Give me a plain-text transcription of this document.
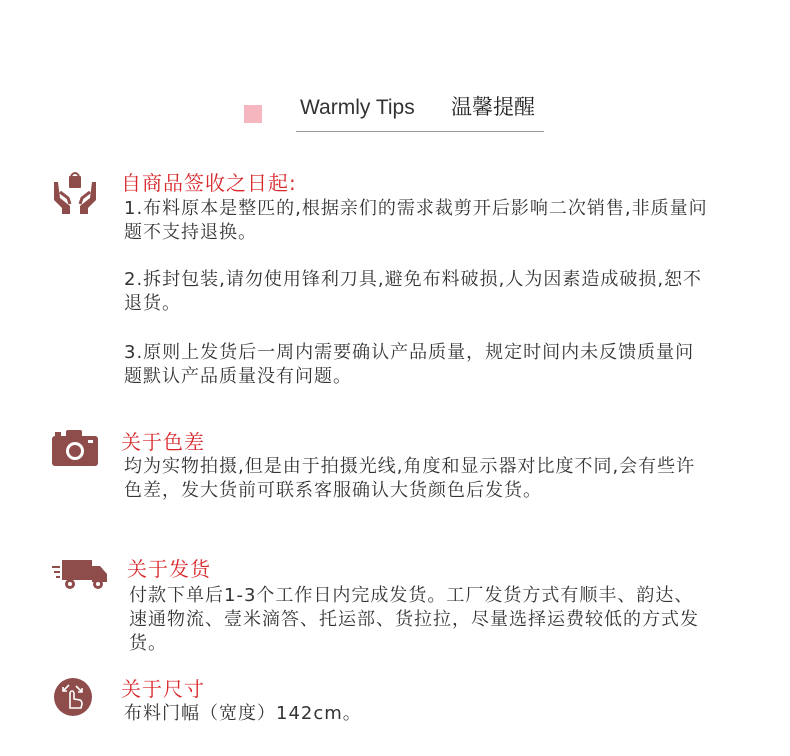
Warmly Tips 温馨提醒
自商品签收之日起:
1.布料原本是整匹的,根据亲们的需求裁剪开后影响二次销售,非质量问题不支持退换。
2.拆封包装,请勿使用锋利刀具,避免布料破损,人为因素造成破损,恕不退货。
3.原则上发货后一周内需要确认产品质量，规定时间内未反馈质量问题默认产品质量没有问题。
关于色差
均为实物拍摄,但是由于拍摄光线,角度和显示器对比度不同,会有些许色差，发大货前可联系客服确认大货颜色后发货。
关于发货
付款下单后1-3个工作日内完成发货。工厂发货方式有顺丰、韵达、速通物流、壹米滴答、托运部、货拉拉，尽量选择运费较低的方式发货。
关于尺寸
布料门幅（宽度）142cm。
